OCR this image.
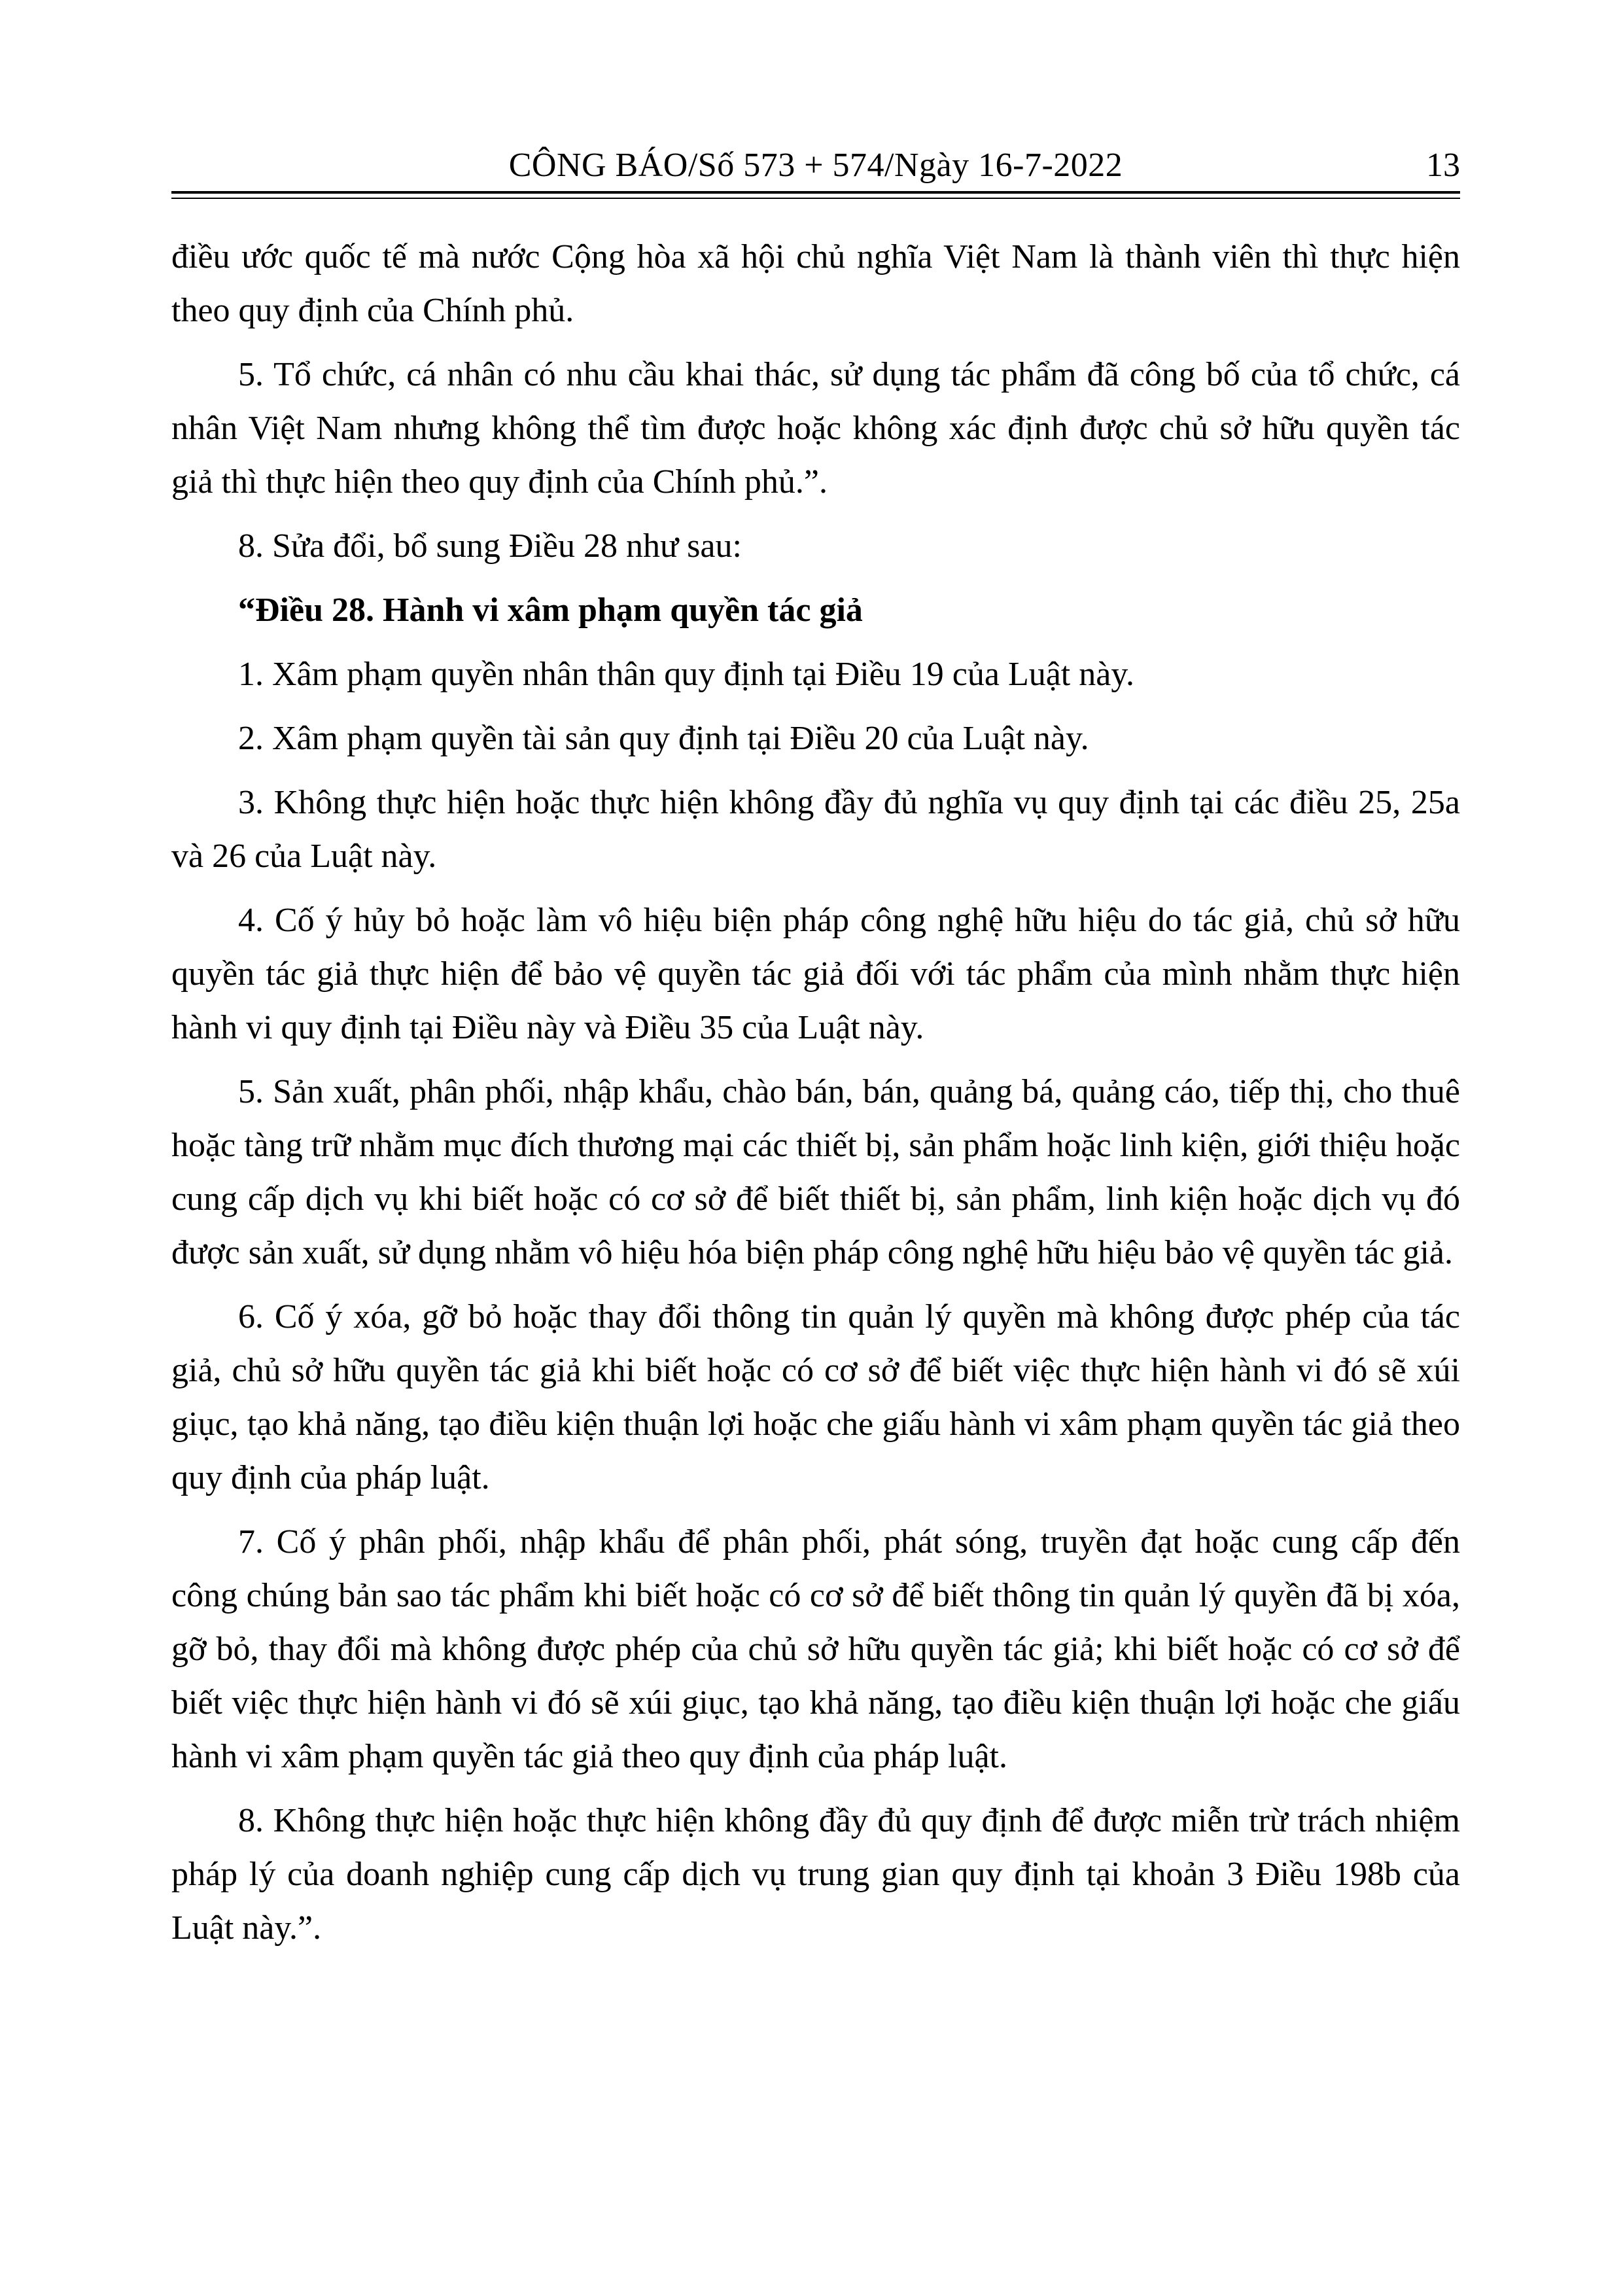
CÔNG BÁO/Số 573 + 574/Ngày 16-7-2022	13

điều ước quốc tế mà nước Cộng hòa xã hội chủ nghĩa Việt Nam là thành viên thì thực hiện theo quy định của Chính phủ.

5. Tổ chức, cá nhân có nhu cầu khai thác, sử dụng tác phẩm đã công bố của tổ chức, cá nhân Việt Nam nhưng không thể tìm được hoặc không xác định được chủ sở hữu quyền tác giả thì thực hiện theo quy định của Chính phủ.”.

8. Sửa đổi, bổ sung Điều 28 như sau:

“Điều 28. Hành vi xâm phạm quyền tác giả

1. Xâm phạm quyền nhân thân quy định tại Điều 19 của Luật này.

2. Xâm phạm quyền tài sản quy định tại Điều 20 của Luật này.

3. Không thực hiện hoặc thực hiện không đầy đủ nghĩa vụ quy định tại các điều 25, 25a và 26 của Luật này.

4. Cố ý hủy bỏ hoặc làm vô hiệu biện pháp công nghệ hữu hiệu do tác giả, chủ sở hữu quyền tác giả thực hiện để bảo vệ quyền tác giả đối với tác phẩm của mình nhằm thực hiện hành vi quy định tại Điều này và Điều 35 của Luật này.

5. Sản xuất, phân phối, nhập khẩu, chào bán, bán, quảng bá, quảng cáo, tiếp thị, cho thuê hoặc tàng trữ nhằm mục đích thương mại các thiết bị, sản phẩm hoặc linh kiện, giới thiệu hoặc cung cấp dịch vụ khi biết hoặc có cơ sở để biết thiết bị, sản phẩm, linh kiện hoặc dịch vụ đó được sản xuất, sử dụng nhằm vô hiệu hóa biện pháp công nghệ hữu hiệu bảo vệ quyền tác giả.

6. Cố ý xóa, gỡ bỏ hoặc thay đổi thông tin quản lý quyền mà không được phép của tác giả, chủ sở hữu quyền tác giả khi biết hoặc có cơ sở để biết việc thực hiện hành vi đó sẽ xúi giục, tạo khả năng, tạo điều kiện thuận lợi hoặc che giấu hành vi xâm phạm quyền tác giả theo quy định của pháp luật.

7. Cố ý phân phối, nhập khẩu để phân phối, phát sóng, truyền đạt hoặc cung cấp đến công chúng bản sao tác phẩm khi biết hoặc có cơ sở để biết thông tin quản lý quyền đã bị xóa, gỡ bỏ, thay đổi mà không được phép của chủ sở hữu quyền tác giả; khi biết hoặc có cơ sở để biết việc thực hiện hành vi đó sẽ xúi giục, tạo khả năng, tạo điều kiện thuận lợi hoặc che giấu hành vi xâm phạm quyền tác giả theo quy định của pháp luật.

8. Không thực hiện hoặc thực hiện không đầy đủ quy định để được miễn trừ trách nhiệm pháp lý của doanh nghiệp cung cấp dịch vụ trung gian quy định tại khoản 3 Điều 198b của Luật này.”.
